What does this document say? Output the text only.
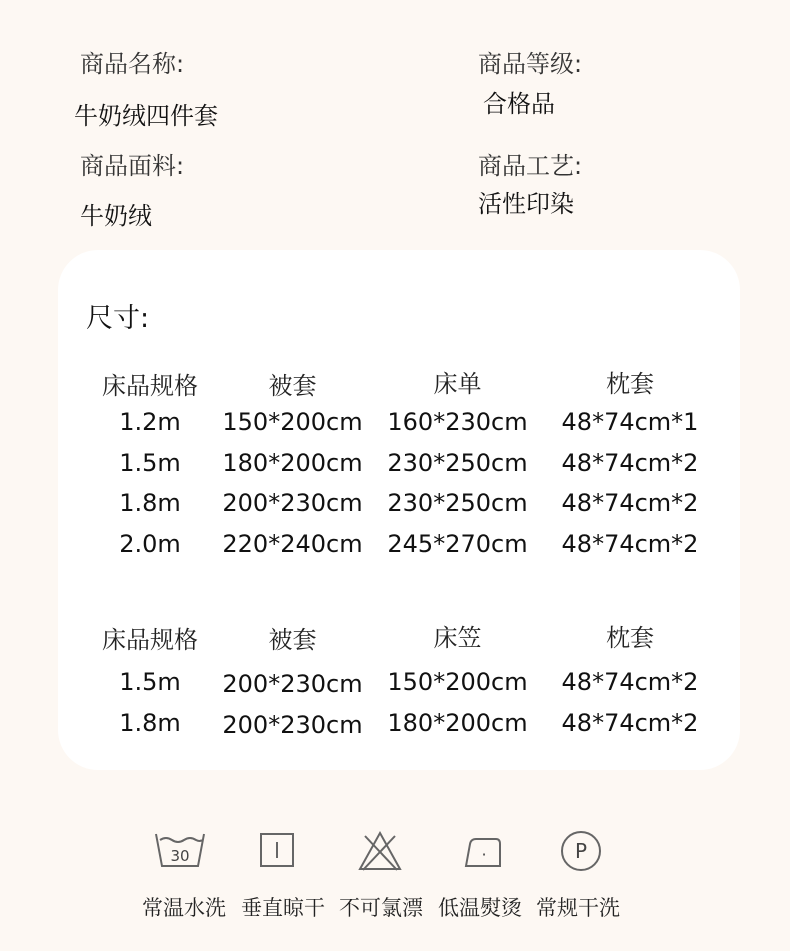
商品名称:
牛奶绒四件套
商品等级:
合格品
商品面料:
牛奶绒
商品工艺:
活性印染
尺寸:
床品规格	被套	床单	枕套
1.2m	150*200cm 160*230cm 48*74cm*1
1.5m	180*200cm 230*250cm 48*74cm*2
1.8m	200*230cm 230*250cm 48*74cm*2
2.0m	220*240cm 245*270cm 48*74cm*2
床品规格	被套	床笠	枕套
1.5m	200*230cm 150*200cm 48*74cm*2
1.8m	200*230cm 180*200cm 48*74cm*2
30	·	P
常温水洗 垂直晾干 不可氯漂 低温熨烫 常规干洗
